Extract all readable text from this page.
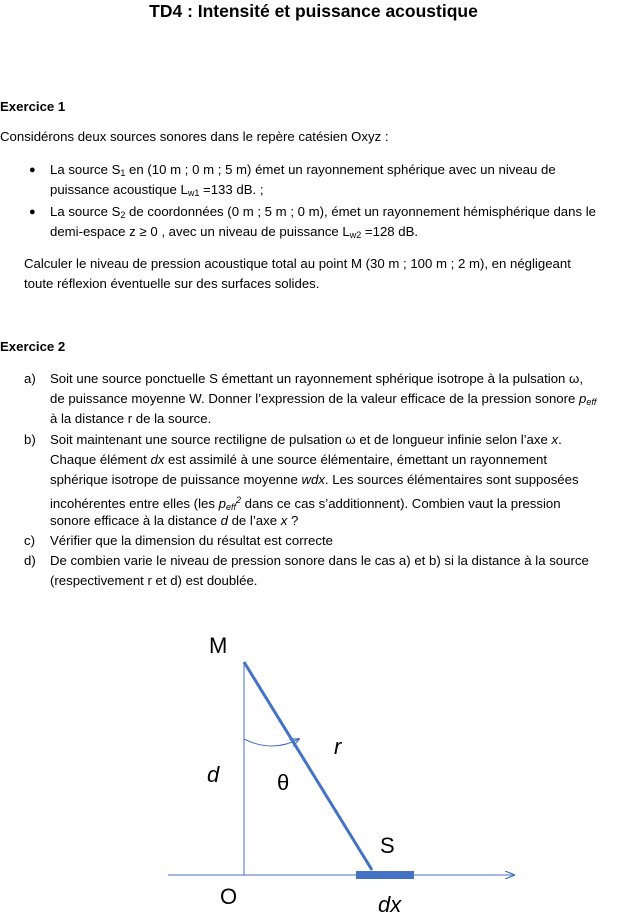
TD4 : Intensité et puissance acoustique
Exercice 1
Considérons deux sources sonores dans le repère catésien Oxyz :
● La source $S_1$ en (10 m ; 0 m ; 5 m) émet un rayonnement sphérique avec un niveau de
puissance acoustique $L_{w1} =133$ dB. ;
● La source $S_2$ de coordonnées (0 m ; 5 m ; 0 m), émet un rayonnement hémisphérique dans le
demi-espace z ≥ 0 , avec un niveau de puissance $L_{w2} =128$ dB.
Calculer le niveau de pression acoustique total au point M (30 m ; 100 m ; 2 m), en négligeant
toute réflexion éventuelle sur des surfaces solides.
Exercice 2
a) Soit une source ponctuelle S émettant un rayonnement sphérique isotrope à la pulsation ω,
de puissance moyenne W. Donner l’expression de la valeur efficace de la pression sonore $p_{eff}$
à la distance r de la source.
b) Soit maintenant une source rectiligne de pulsation ω et de longueur infinie selon l’axe x.
Chaque élément dx est assimilé à une source élémentaire, émettant un rayonnement
sphérique isotrope de puissance moyenne wdx. Les sources élémentaires sont supposées
incohérentes entre elles (les $p_{eff}^2$ dans ce cas s’additionnent). Combien vaut la pression
sonore efficace à la distance d de l’axe x ?
c) Vérifier que la dimension du résultat est correcte
d) De combien varie le niveau de pression sonore dans le cas a) et b) si la distance à la source
(respectivement r et d) est doublée.
M
r
d	θ
S
O	dx
